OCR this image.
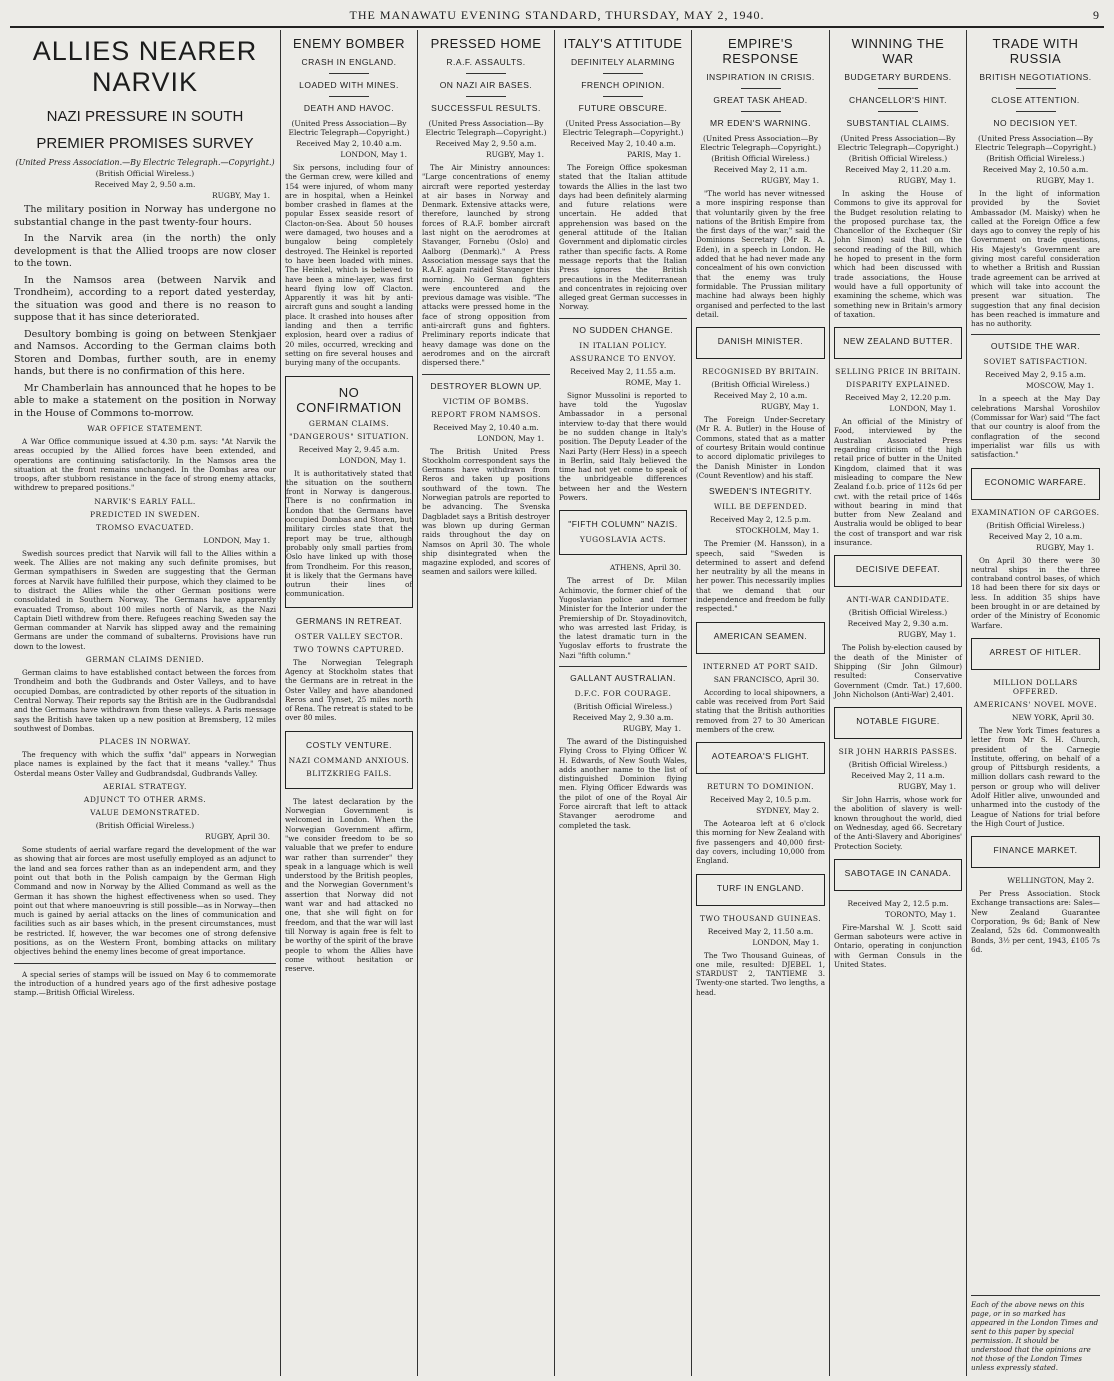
THE MANAWATU EVENING STANDARD, THURSDAY, MAY 2, 1940.	9
ALLIES NEARER NARVIK
NAZI PRESSURE IN SOUTH
PREMIER PROMISES SURVEY
(United Press Association.—By Electric Telegraph.—Copyright.)
(British Official Wireless.)
Received May 2, 9.50 a.m.
RUGBY, May 1.

The military position in Norway has undergone no substantial change in the past twenty-four hours.

In the Narvik area (in the north) the only development is that the Allied troops are now closer to the town.

In the Namsos area (between Narvik and Trondheim), according to a report dated yesterday, the situation was good and there is no reason to suppose that it has since deteriorated.

Desultory bombing is going on between Stenkjaer and Namsos. According to the German claims both Storen and Dombas, further south, are in enemy hands, but there is no confirmation of this here.

Mr Chamberlain has announced that he hopes to be able to make a statement on the position in Norway in the House of Commons to-morrow.

WAR OFFICE STATEMENT.

A War Office communique issued at 4.30 p.m. says: "At Narvik the areas occupied by the Allied forces have been extended, and operations are continuing satisfactorily. In the Namsos area the situation at the front remains unchanged. In the Dombas area our troops, after stubborn resistance in the face of strong enemy attacks, withdrew to prepared positions."

NARVIK'S EARLY FALL.
PREDICTED IN SWEDEN.
TROMSO EVACUATED.
LONDON, May 1.

Swedish sources predict that Narvik will fall to the Allies within a week. The Allies are not making any such definite promises, but German sympathisers in Sweden are suggesting that the German forces at Narvik have fulfilled their purpose, which they claimed to be to distract the Allies while the other German positions were consolidated in Southern Norway. The Germans have apparently evacuated Tromso, about 100 miles north of Narvik, as the Nazi Captain Dietl withdrew from there. Refugees reaching Sweden say the German commander at Narvik has slipped away and the remaining Germans are under the command of subalterns. Provisions have run down to the lowest.

GERMAN CLAIMS DENIED.

German claims to have established contact between the forces from Trondheim and both the Gudbrands and Oster Valleys, and to have occupied Dombas, are contradicted by other reports of the situation in Central Norway. Their reports say the British are in the Gudbrandsdal and the Germans have withdrawn from these valleys. A Paris message says the British have taken up a new position at Bremsberg, 12 miles southwest of Dombas.

PLACES IN NORWAY.

The frequency with which the suffix "dal" appears in Norwegian place names is explained by the fact that it means "valley." Thus Osterdal means Oster Valley and Gudbrandsdal, Gudbrands Valley.

AERIAL STRATEGY.
ADJUNCT TO OTHER ARMS.
VALUE DEMONSTRATED.
(British Official Wireless.)
RUGBY, April 30.

Some students of aerial warfare regard the development of the war as showing that air forces are most usefully employed as an adjunct to the land and sea forces rather than as an independent arm, and they point out that both in the Polish campaign by the German High Command and now in Norway by the Allied Command as well as the German it has shown the highest effectiveness when so used. They point out that where manoeuvring is still possible—as in Norway—then much is gained by aerial attacks on the lines of communication and facilities such as air bases which, in the present circumstances, must be restricted. If, however, the war becomes one of strong defensive positions, as on the Western Front, bombing attacks on military objectives behind the enemy lines become of great importance.

A special series of stamps will be issued on May 6 to commemorate the introduction of a hundred years ago of the first adhesive postage stamp.—British Official Wireless.

ENEMY BOMBER
CRASH IN ENGLAND.
LOADED WITH MINES.
DEATH AND HAVOC.
(United Press Association—By Electric Telegraph—Copyright.)
Received May 2, 10.40 a.m.
LONDON, May 1.

Six persons, including four of the German crew, were killed and 154 were injured, of whom many are in hospital, when a Heinkel bomber crashed in flames at the popular Essex seaside resort of Clacton-on-Sea. About 50 houses were damaged, two houses and a bungalow being completely destroyed. The Heinkel is reported to have been loaded with mines. The Heinkel, which is believed to have been a mine-layer, was first heard flying low off Clacton. Apparently it was hit by anti-aircraft guns and sought a landing place. It crashed into houses after landing and then a terrific explosion, heard over a radius of 20 miles, occurred, wrecking and setting on fire several houses and burying many of the occupants.

NO CONFIRMATION
GERMAN CLAIMS.
"DANGEROUS" SITUATION.
Received May 2, 9.45 a.m.
LONDON, May 1.

It is authoritatively stated that the situation on the southern front in Norway is dangerous. There is no confirmation in London that the Germans have occupied Dombas and Storen, but military circles state that the report may be true, although probably only small parties from Oslo have linked up with those from Trondheim. For this reason, it is likely that the Germans have outrun their lines of communication.

GERMANS IN RETREAT.
OSTER VALLEY SECTOR.
TWO TOWNS CAPTURED.

The Norwegian Telegraph Agency at Stockholm states that the Germans are in retreat in the Oster Valley and have abandoned Reros and Tynset, 25 miles north of Rena. The retreat is stated to be over 80 miles.

COSTLY VENTURE.
NAZI COMMAND ANXIOUS.
BLITZKRIEG FAILS.

The latest declaration by the Norwegian Government is welcomed in London. When the Norwegian Government affirm, "we consider freedom to be so valuable that we prefer to endure war rather than surrender" they speak in a language which is well understood by the British peoples, and the Norwegian Government's assertion that Norway did not want war and had attacked no one, that she will fight on for freedom, and that the war will last till Norway is again free is felt to be worthy of the spirit of the brave people to whom the Allies have come without hesitation or reserve.

PRESSED HOME
R.A.F. ASSAULTS.
ON NAZI AIR BASES.
SUCCESSFUL RESULTS.
(United Press Association—By Electric Telegraph—Copyright.)
Received May 2, 9.50 a.m.
RUGBY, May 1.

The Air Ministry announces: "Large concentrations of enemy aircraft were reported yesterday at air bases in Norway and Denmark. Extensive attacks were, therefore, launched by strong forces of R.A.F. bomber aircraft last night on the aerodromes at Stavanger, Fornebu (Oslo) and Aalborg (Denmark)." A Press Association message says that the R.A.F. again raided Stavanger this morning. No German fighters were encountered and the previous damage was visible. "The attacks were pressed home in the face of strong opposition from anti-aircraft guns and fighters. Preliminary reports indicate that heavy damage was done on the aerodromes and on the aircraft dispersed there."

DESTROYER BLOWN UP.
VICTIM OF BOMBS.
REPORT FROM NAMSOS.
Received May 2, 10.40 a.m.
LONDON, May 1.

The British United Press Stockholm correspondent says the Germans have withdrawn from Reros and taken up positions southward of the town. The Norwegian patrols are reported to be advancing. The Svenska Dagbladet says a British destroyer was blown up during German raids throughout the day on Namsos on April 30. The whole ship disintegrated when the magazine exploded, and scores of seamen and sailors were killed.

ITALY'S ATTITUDE
DEFINITELY ALARMING
FRENCH OPINION.
FUTURE OBSCURE.
(United Press Association—By Electric Telegraph—Copyright.)
Received May 2, 10.40 a.m.
PARIS, May 1.

The Foreign Office spokesman stated that the Italian attitude towards the Allies in the last two days had been definitely alarming and future relations were uncertain. He added that apprehension was based on the general attitude of the Italian Government and diplomatic circles rather than specific facts. A Rome message reports that the Italian Press ignores the British precautions in the Mediterranean and concentrates in rejoicing over alleged great German successes in Norway.

NO SUDDEN CHANGE.
IN ITALIAN POLICY.
ASSURANCE TO ENVOY.
Received May 2, 11.55 a.m.
ROME, May 1.

Signor Mussolini is reported to have told the Yugoslav Ambassador in a personal interview to-day that there would be no sudden change in Italy's position. The Deputy Leader of the Nazi Party (Herr Hess) in a speech in Berlin, said Italy believed the time had not yet come to speak of the unbridgeable differences between her and the Western Powers.

"FIFTH COLUMN" NAZIS.
YUGOSLAVIA ACTS.
ATHENS, April 30.

The arrest of Dr. Milan Achimovic, the former chief of the Yugoslavian police and former Minister for the Interior under the Premiership of Dr. Stoyadinovitch, who was arrested last Friday, is the latest dramatic turn in the Yugoslav efforts to frustrate the Nazi "fifth column."

GALLANT AUSTRALIAN.
D.F.C. FOR COURAGE.
(British Official Wireless.)
Received May 2, 9.30 a.m.
RUGBY, May 1.

The award of the Distinguished Flying Cross to Flying Officer W. H. Edwards, of New South Wales, adds another name to the list of distinguished Dominion flying men. Flying Officer Edwards was the pilot of one of the Royal Air Force aircraft that left to attack Stavanger aerodrome and completed the task.

EMPIRE'S RESPONSE
INSPIRATION IN CRISIS.
GREAT TASK AHEAD.
MR EDEN'S WARNING.
(United Press Association—By Electric Telegraph—Copyright.)
(British Official Wireless.)
Received May 2, 11 a.m.
RUGBY, May 1.

"The world has never witnessed a more inspiring response than that voluntarily given by the free nations of the British Empire from the first days of the war," said the Dominions Secretary (Mr R. A. Eden), in a speech in London. He added that he had never made any concealment of his own conviction that the enemy was truly formidable. The Prussian military machine had always been highly organised and perfected to the last detail.

DANISH MINISTER.
RECOGNISED BY BRITAIN.
(British Official Wireless.)
Received May 2, 10 a.m.
RUGBY, May 1.

The Foreign Under-Secretary (Mr R. A. Butler) in the House of Commons, stated that as a matter of courtesy Britain would continue to accord diplomatic privileges to the Danish Minister in London (Count Reventlow) and his staff.

SWEDEN'S INTEGRITY.
WILL BE DEFENDED.
Received May 2, 12.5 p.m.
STOCKHOLM, May 1.

The Premier (M. Hansson), in a speech, said "Sweden is determined to assert and defend her neutrality by all the means in her power. This necessarily implies that we demand that our independence and freedom be fully respected."

AMERICAN SEAMEN.
INTERNED AT PORT SAID.
SAN FRANCISCO, April 30.

According to local shipowners, a cable was received from Port Said stating that the British authorities removed from 27 to 30 American members of the crew.

AOTEAROA'S FLIGHT.
RETURN TO DOMINION.
Received May 2, 10.5 p.m.
SYDNEY, May 2.

The Aotearoa left at 6 o'clock this morning for New Zealand with five passengers and 40,000 first-day covers, including 10,000 from England.

TURF IN ENGLAND.
TWO THOUSAND GUINEAS.
Received May 2, 11.50 a.m.
LONDON, May 1.

The Two Thousand Guineas, of one mile, resulted: DJEBEL 1, STARDUST 2, TANTIEME 3. Twenty-one started. Two lengths, a head.

WINNING THE WAR
BUDGETARY BURDENS.
CHANCELLOR'S HINT.
SUBSTANTIAL CLAIMS.
(United Press Association—By Electric Telegraph—Copyright.)
(British Official Wireless.)
Received May 2, 11.20 a.m.
RUGBY, May 1.

In asking the House of Commons to give its approval for the Budget resolution relating to the proposed purchase tax, the Chancellor of the Exchequer (Sir John Simon) said that on the second reading of the Bill, which he hoped to present in the form which had been discussed with trade associations, the House would have a full opportunity of examining the scheme, which was something new in Britain's armory of taxation.

NEW ZEALAND BUTTER.
SELLING PRICE IN BRITAIN.
DISPARITY EXPLAINED.
Received May 2, 12.20 p.m.
LONDON, May 1.

An official of the Ministry of Food, interviewed by the Australian Associated Press regarding criticism of the high retail price of butter in the United Kingdom, claimed that it was misleading to compare the New Zealand f.o.b. price of 112s 6d per cwt. with the retail price of 146s without bearing in mind that butter from New Zealand and Australia would be obliged to bear the cost of transport and war risk insurance.

DECISIVE DEFEAT.
ANTI-WAR CANDIDATE.
(British Official Wireless.)
Received May 2, 9.30 a.m.
RUGBY, May 1.

The Polish by-election caused by the death of the Minister of Shipping (Sir John Gilmour) resulted: Conservative Government (Cmdr. Tat.) 17,600. John Nicholson (Anti-War) 2,401.

NOTABLE FIGURE.
SIR JOHN HARRIS PASSES.
(British Official Wireless.)
Received May 2, 11 a.m.
RUGBY, May 1.

Sir John Harris, whose work for the abolition of slavery is well-known throughout the world, died on Wednesday, aged 66. Secretary of the Anti-Slavery and Aborigines' Protection Society.

SABOTAGE IN CANADA.
Received May 2, 12.5 p.m.
TORONTO, May 1.

Fire-Marshal W. J. Scott said German saboteurs were active in Ontario, operating in conjunction with German Consuls in the United States.

TRADE WITH RUSSIA
BRITISH NEGOTIATIONS.
CLOSE ATTENTION.
NO DECISION YET.
(United Press Association—By Electric Telegraph—Copyright.)
(British Official Wireless.)
Received May 2, 10.50 a.m.
RUGBY, May 1.

In the light of information provided by the Soviet Ambassador (M. Maisky) when he called at the Foreign Office a few days ago to convey the reply of his Government on trade questions, His Majesty's Government are giving most careful consideration to whether a British and Russian trade agreement can be arrived at which will take into account the present war situation. The suggestion that any final decision has been reached is immature and has no authority.

OUTSIDE THE WAR.
SOVIET SATISFACTION.
Received May 2, 9.15 a.m.
MOSCOW, May 1.

In a speech at the May Day celebrations Marshal Voroshilov (Commissar for War) said "The fact that our country is aloof from the conflagration of the second imperialist war fills us with satisfaction."

ECONOMIC WARFARE.
EXAMINATION OF CARGOES.
(British Official Wireless.)
Received May 2, 10 a.m.
RUGBY, May 1.

On April 30 there were 30 neutral ships in the three contraband control bases, of which 18 had been there for six days or less. In addition 35 ships have been brought in or are detained by order of the Ministry of Economic Warfare.

ARREST OF HITLER.
MILLION DOLLARS OFFERED.
AMERICANS' NOVEL MOVE.
NEW YORK, April 30.

The New York Times features a letter from Mr S. H. Church, president of the Carnegie Institute, offering, on behalf of a group of Pittsburgh residents, a million dollars cash reward to the person or group who will deliver Adolf Hitler alive, unwounded and unharmed into the custody of the League of Nations for trial before the High Court of Justice.

FINANCE MARKET.
WELLINGTON, May 2.

Per Press Association. Stock Exchange transactions are: Sales—New Zealand Guarantee Corporation, 9s 6d; Bank of New Zealand, 52s 6d. Commonwealth Bonds, 3½ per cent, 1943, £105 7s 6d.

Each of the above news on this page, or in so marked has appeared in the London Times and sent to this paper by special permission. It should be understood that the opinions are not those of the London Times unless expressly stated.
